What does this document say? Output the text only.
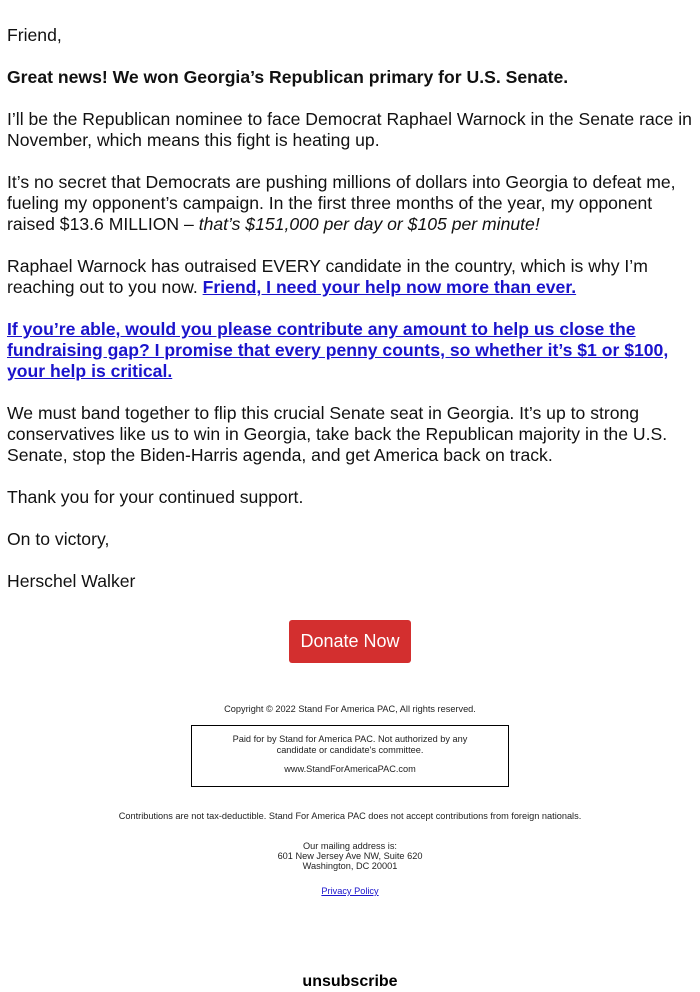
Friend,

Great news! We won Georgia’s Republican primary for U.S. Senate.

I’ll be the Republican nominee to face Democrat Raphael Warnock in the Senate race in November, which means this fight is heating up.

It’s no secret that Democrats are pushing millions of dollars into Georgia to defeat me, fueling my opponent’s campaign. In the first three months of the year, my opponent raised $13.6 MILLION – that’s $151,000 per day or $105 per minute!

Raphael Warnock has outraised EVERY candidate in the country, which is why I’m reaching out to you now. Friend, I need your help now more than ever.

If you’re able, would you please contribute any amount to help us close the fundraising gap? I promise that every penny counts, so whether it’s $1 or $100, your help is critical.

We must band together to flip this crucial Senate seat in Georgia. It’s up to strong conservatives like us to win in Georgia, take back the Republican majority in the U.S. Senate, stop the Biden-Harris agenda, and get America back on track.

Thank you for your continued support.

On to victory,

Herschel Walker

Donate Now

Copyright © 2022 Stand For America PAC, All rights reserved.

Paid for by Stand for America PAC. Not authorized by any

candidate or candidate's committee.

www.StandForAmericaPAC.com

Contributions are not tax-deductible. Stand For America PAC does not accept contributions from foreign nationals.

Our mailing address is:

601 New Jersey Ave NW, Suite 620

Washington, DC 20001

Privacy Policy

unsubscribe
